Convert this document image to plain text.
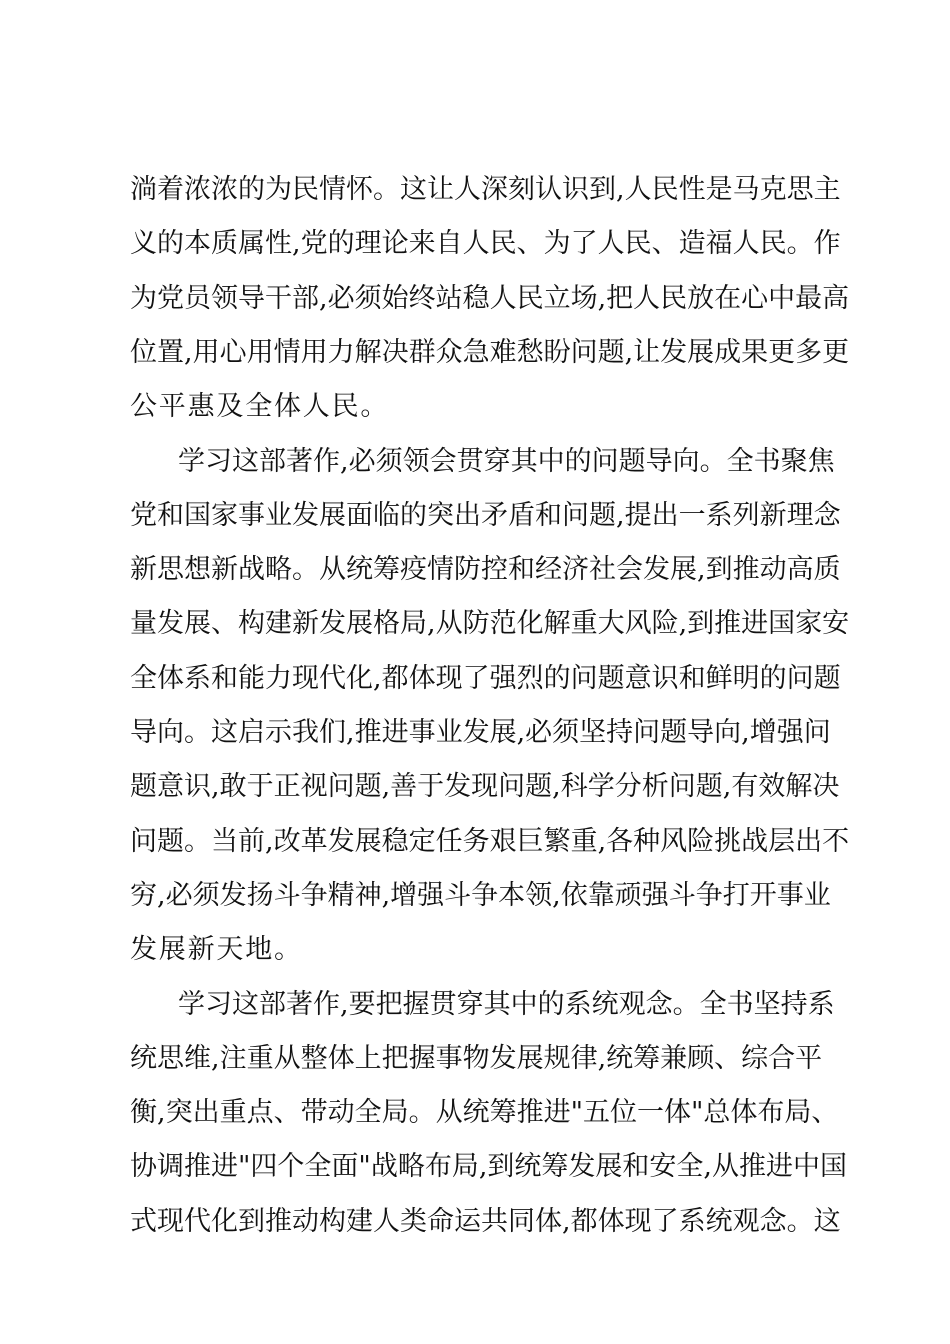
淌着浓浓的为民情怀。这让人深刻认识到,人民性是马克思主
义的本质属性,党的理论来自人民、为了人民、造福人民。作
为党员领导干部,必须始终站稳人民立场,把人民放在心中最高
位置,用心用情用力解决群众急难愁盼问题,让发展成果更多更
公平惠及全体人民。
学习这部著作,必须领会贯穿其中的问题导向。全书聚焦
党和国家事业发展面临的突出矛盾和问题,提出一系列新理念
新思想新战略。从统筹疫情防控和经济社会发展,到推动高质
量发展、构建新发展格局,从防范化解重大风险,到推进国家安
全体系和能力现代化,都体现了强烈的问题意识和鲜明的问题
导向。这启示我们,推进事业发展,必须坚持问题导向,增强问
题意识,敢于正视问题,善于发现问题,科学分析问题,有效解决
问题。当前,改革发展稳定任务艰巨繁重,各种风险挑战层出不
穷,必须发扬斗争精神,增强斗争本领,依靠顽强斗争打开事业
发展新天地。
学习这部著作,要把握贯穿其中的系统观念。全书坚持系
统思维,注重从整体上把握事物发展规律,统筹兼顾、综合平
衡,突出重点、带动全局。从统筹推进"五位一体"总体布局、
协调推进"四个全面"战略布局,到统筹发展和安全,从推进中国
式现代化到推动构建人类命运共同体,都体现了系统观念。这
